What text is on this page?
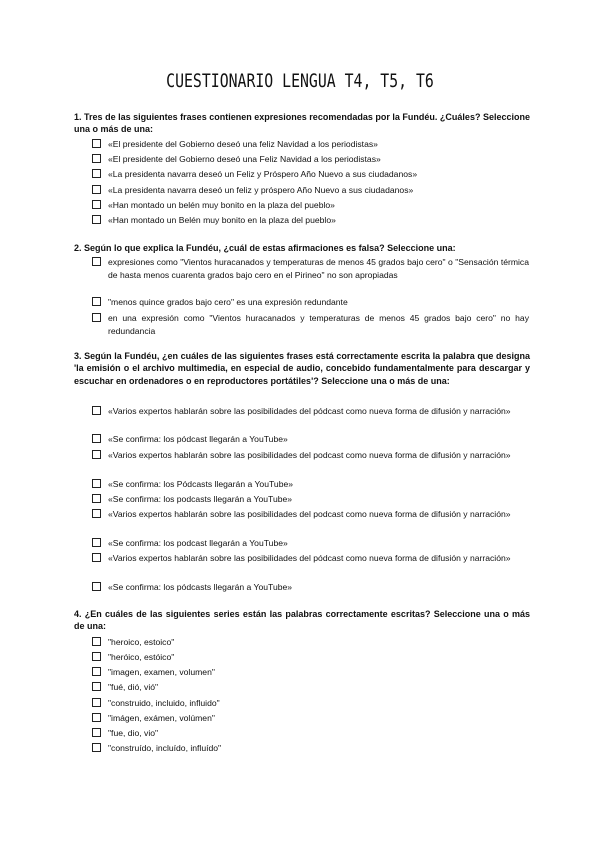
CUESTIONARIO LENGUA T4, T5, T6
1. Tres de las siguientes frases contienen expresiones recomendadas por la Fundéu. ¿Cuáles? Seleccione una o más de una:
«El presidente del Gobierno deseó una feliz Navidad a los periodistas»
«El presidente del Gobierno deseó una Feliz Navidad a los periodistas»
«La presidenta navarra deseó un Feliz y Próspero Año Nuevo a sus ciudadanos»
«La presidenta navarra deseó un feliz y próspero Año Nuevo a sus ciudadanos»
«Han montado un belén muy bonito en la plaza del pueblo»
«Han montado un Belén muy bonito en la plaza del pueblo»
2. Según lo que explica la Fundéu, ¿cuál de estas afirmaciones es falsa? Seleccione una:
expresiones como "Vientos huracanados y temperaturas de menos 45 grados bajo cero" o "Sensación térmica de hasta menos cuarenta grados bajo cero en el Pirineo" no son apropiadas
"menos quince grados bajo cero" es una expresión redundante
en una expresión como "Vientos huracanados y temperaturas de menos 45 grados bajo cero" no hay redundancia
3. Según la Fundéu, ¿en cuáles de las siguientes frases está correctamente escrita la palabra que designa 'la emisión o el archivo multimedia, en especial de audio, concebido fundamentalmente para descargar y escuchar en ordenadores o en reproductores portátiles'? Seleccione una o más de una:
«Varios expertos hablarán sobre las posibilidades del pódcast como nueva forma de difusión y narración»
«Se confirma: los pódcast llegarán a YouTube»
«Varios expertos hablarán sobre las posibilidades del podcast como nueva forma de difusión y narración»
«Se confirma: los Pódcasts llegarán a YouTube»
«Se confirma: los podcasts llegarán a YouTube»
«Varios expertos hablarán sobre las posibilidades del podcast como nueva forma de difusión y narración»
«Se confirma: los podcast llegarán a YouTube»
«Varios expertos hablarán sobre las posibilidades del pódcast como nueva forma de difusión y narración»
«Se confirma: los pódcasts llegarán a YouTube»
4. ¿En cuáles de las siguientes series están las palabras correctamente escritas? Seleccione una o más de una:
"heroico, estoico"
"heróico, estóico"
"imagen, examen, volumen"
"fué, dió, vió"
"construido, incluido, influido"
"imágen, exámen, volúmen"
"fue, dio, vio"
"construído, incluído, influído"
